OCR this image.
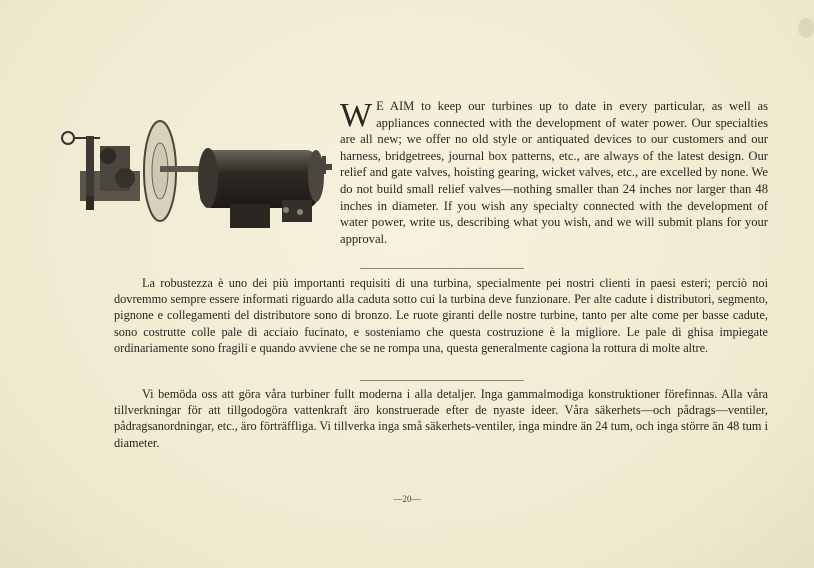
W E AIM to keep our turbines up to date in every particular, as well as appliances connected with the development of water power. Our specialties are all new; we offer no old style or antiquated devices to our customers and our harness, bridgetrees, journal box patterns, etc., are always of the latest design. Our relief and gate valves, hoisting gearing, wicket valves, etc., are excelled by none. We do not build small relief valves—nothing smaller than 24 inches nor larger than 48 inches in diameter. If you wish any specialty connected with the development of water power, write us, describing what you wish, and we will submit plans for your approval.
La robustezza è uno dei più importanti requisiti di una turbina, specialmente pei nostri clienti in paesi esteri; perciò noi dovremmo sempre essere informati riguardo alla caduta sotto cui la turbina deve funzionare. Per alte cadute i distributori, segmento, pignone e collegamenti del distributore sono di bronzo. Le ruote giranti delle nostre turbine, tanto per alte come per basse cadute, sono costrutte colle pale di acciaio fucinato, e sosteniamo che questa costruzione è la migliore. Le pale di ghisa impiegate ordinariamente sono fragili e quando avviene che se ne rompa una, questa generalmente cagiona la rottura di molte altre.
Vi bemöda oss att göra våra turbiner fullt moderna i alla detaljer. Inga gammalmodiga konstruktioner förefinnas. Alla våra tillverkningar för att tillgodogöra vattenkraft äro konstruerade efter de nyaste ideer. Våra säkerhets—och pådrags—ventiler, pådragsanordningar, etc., äro förträffliga. Vi tillverka inga små säkerhets-ventiler, inga mindre än 24 tum, och inga större än 48 tum i diameter.
—20—
